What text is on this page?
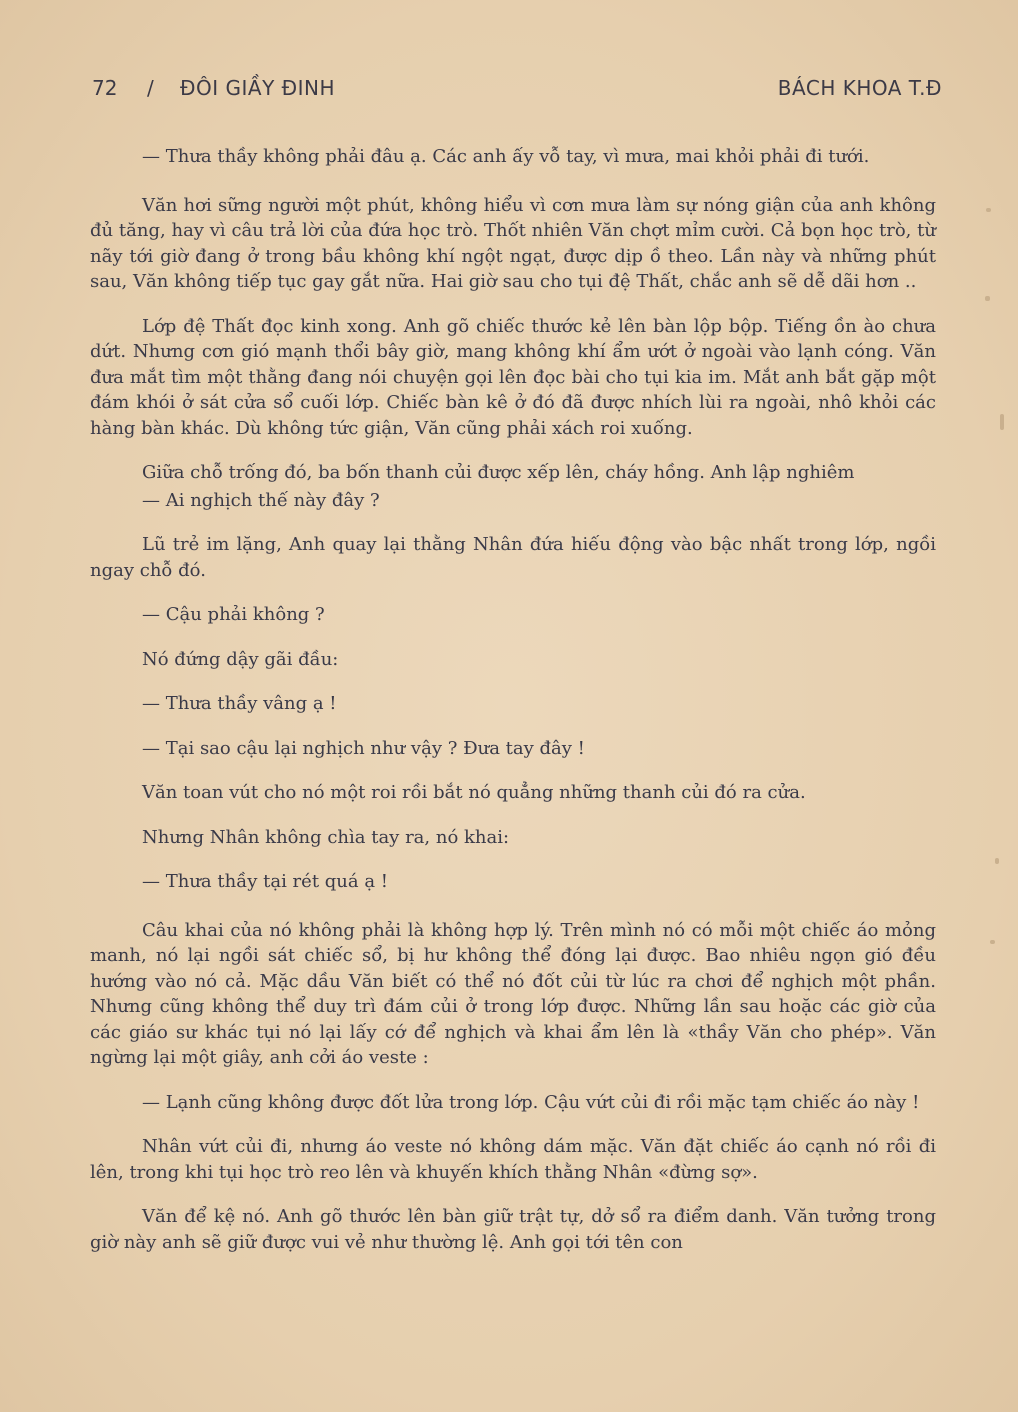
72 / ĐÔI GIẦY ĐINH	BÁCH KHOA T.Đ

— Thưa thầy không phải đâu ạ. Các anh ấy vỗ tay, vì mưa, mai khỏi phải đi tưới.

Văn hơi sững người một phút, không hiểu vì cơn mưa làm sự nóng giận của anh không đủ tăng, hay vì câu trả lời của đứa học trò. Thốt nhiên Văn chợt mỉm cười. Cả bọn học trò, từ nãy tới giờ đang ở trong bầu không khí ngột ngạt, được dịp ồ theo. Lần này và những phút sau, Văn không tiếp tục gay gắt nữa. Hai giờ sau cho tụi đệ Thất, chắc anh sẽ dễ dãi hơn ..

Lớp đệ Thất đọc kinh xong. Anh gõ chiếc thước kẻ lên bàn lộp bộp. Tiếng ồn ào chưa dứt. Nhưng cơn gió mạnh thổi bây giờ, mang không khí ẩm ướt ở ngoài vào lạnh cóng. Văn đưa mắt tìm một thằng đang nói chuyện gọi lên đọc bài cho tụi kia im. Mắt anh bắt gặp một đám khói ở sát cửa sổ cuối lớp. Chiếc bàn kê ở đó đã được nhích lùi ra ngoài, nhô khỏi các hàng bàn khác. Dù không tức giận, Văn cũng phải xách roi xuống.

Giữa chỗ trống đó, ba bốn thanh củi được xếp lên, cháy hồng. Anh lập nghiêm

— Ai nghịch thế này đây ?

Lũ trẻ im lặng, Anh quay lại thằng Nhân đứa hiếu động vào bậc nhất trong lớp, ngồi ngay chỗ đó.

— Cậu phải không ?

Nó đứng dậy gãi đầu:

— Thưa thầy vâng ạ !

— Tại sao cậu lại nghịch như vậy ? Đưa tay đây !

Văn toan vút cho nó một roi rồi bắt nó quẳng những thanh củi đó ra cửa.

Nhưng Nhân không chìa tay ra, nó khai:

— Thưa thầy tại rét quá ạ !

Câu khai của nó không phải là không hợp lý. Trên mình nó có mỗi một chiếc áo mỏng manh, nó lại ngồi sát chiếc sổ, bị hư không thể đóng lại được. Bao nhiêu ngọn gió đều hướng vào nó cả. Mặc dầu Văn biết có thể nó đốt củi từ lúc ra chơi để nghịch một phần. Nhưng cũng không thể duy trì đám củi ở trong lớp được. Những lần sau hoặc các giờ của các giáo sư khác tụi nó lại lấy cớ để nghịch và khai ẩm lên là «thầy Văn cho phép». Văn ngừng lại một giây, anh cởi áo veste :

— Lạnh cũng không được đốt lửa trong lớp. Cậu vứt củi đi rồi mặc tạm chiếc áo này !

Nhân vứt củi đi, nhưng áo veste nó không dám mặc. Văn đặt chiếc áo cạnh nó rồi đi lên, trong khi tụi học trò reo lên và khuyến khích thằng Nhân «đừng sợ».

Văn để kệ nó. Anh gõ thước lên bàn giữ trật tự, dở sổ ra điểm danh. Văn tưởng trong giờ này anh sẽ giữ được vui vẻ như thường lệ. Anh gọi tới tên con
